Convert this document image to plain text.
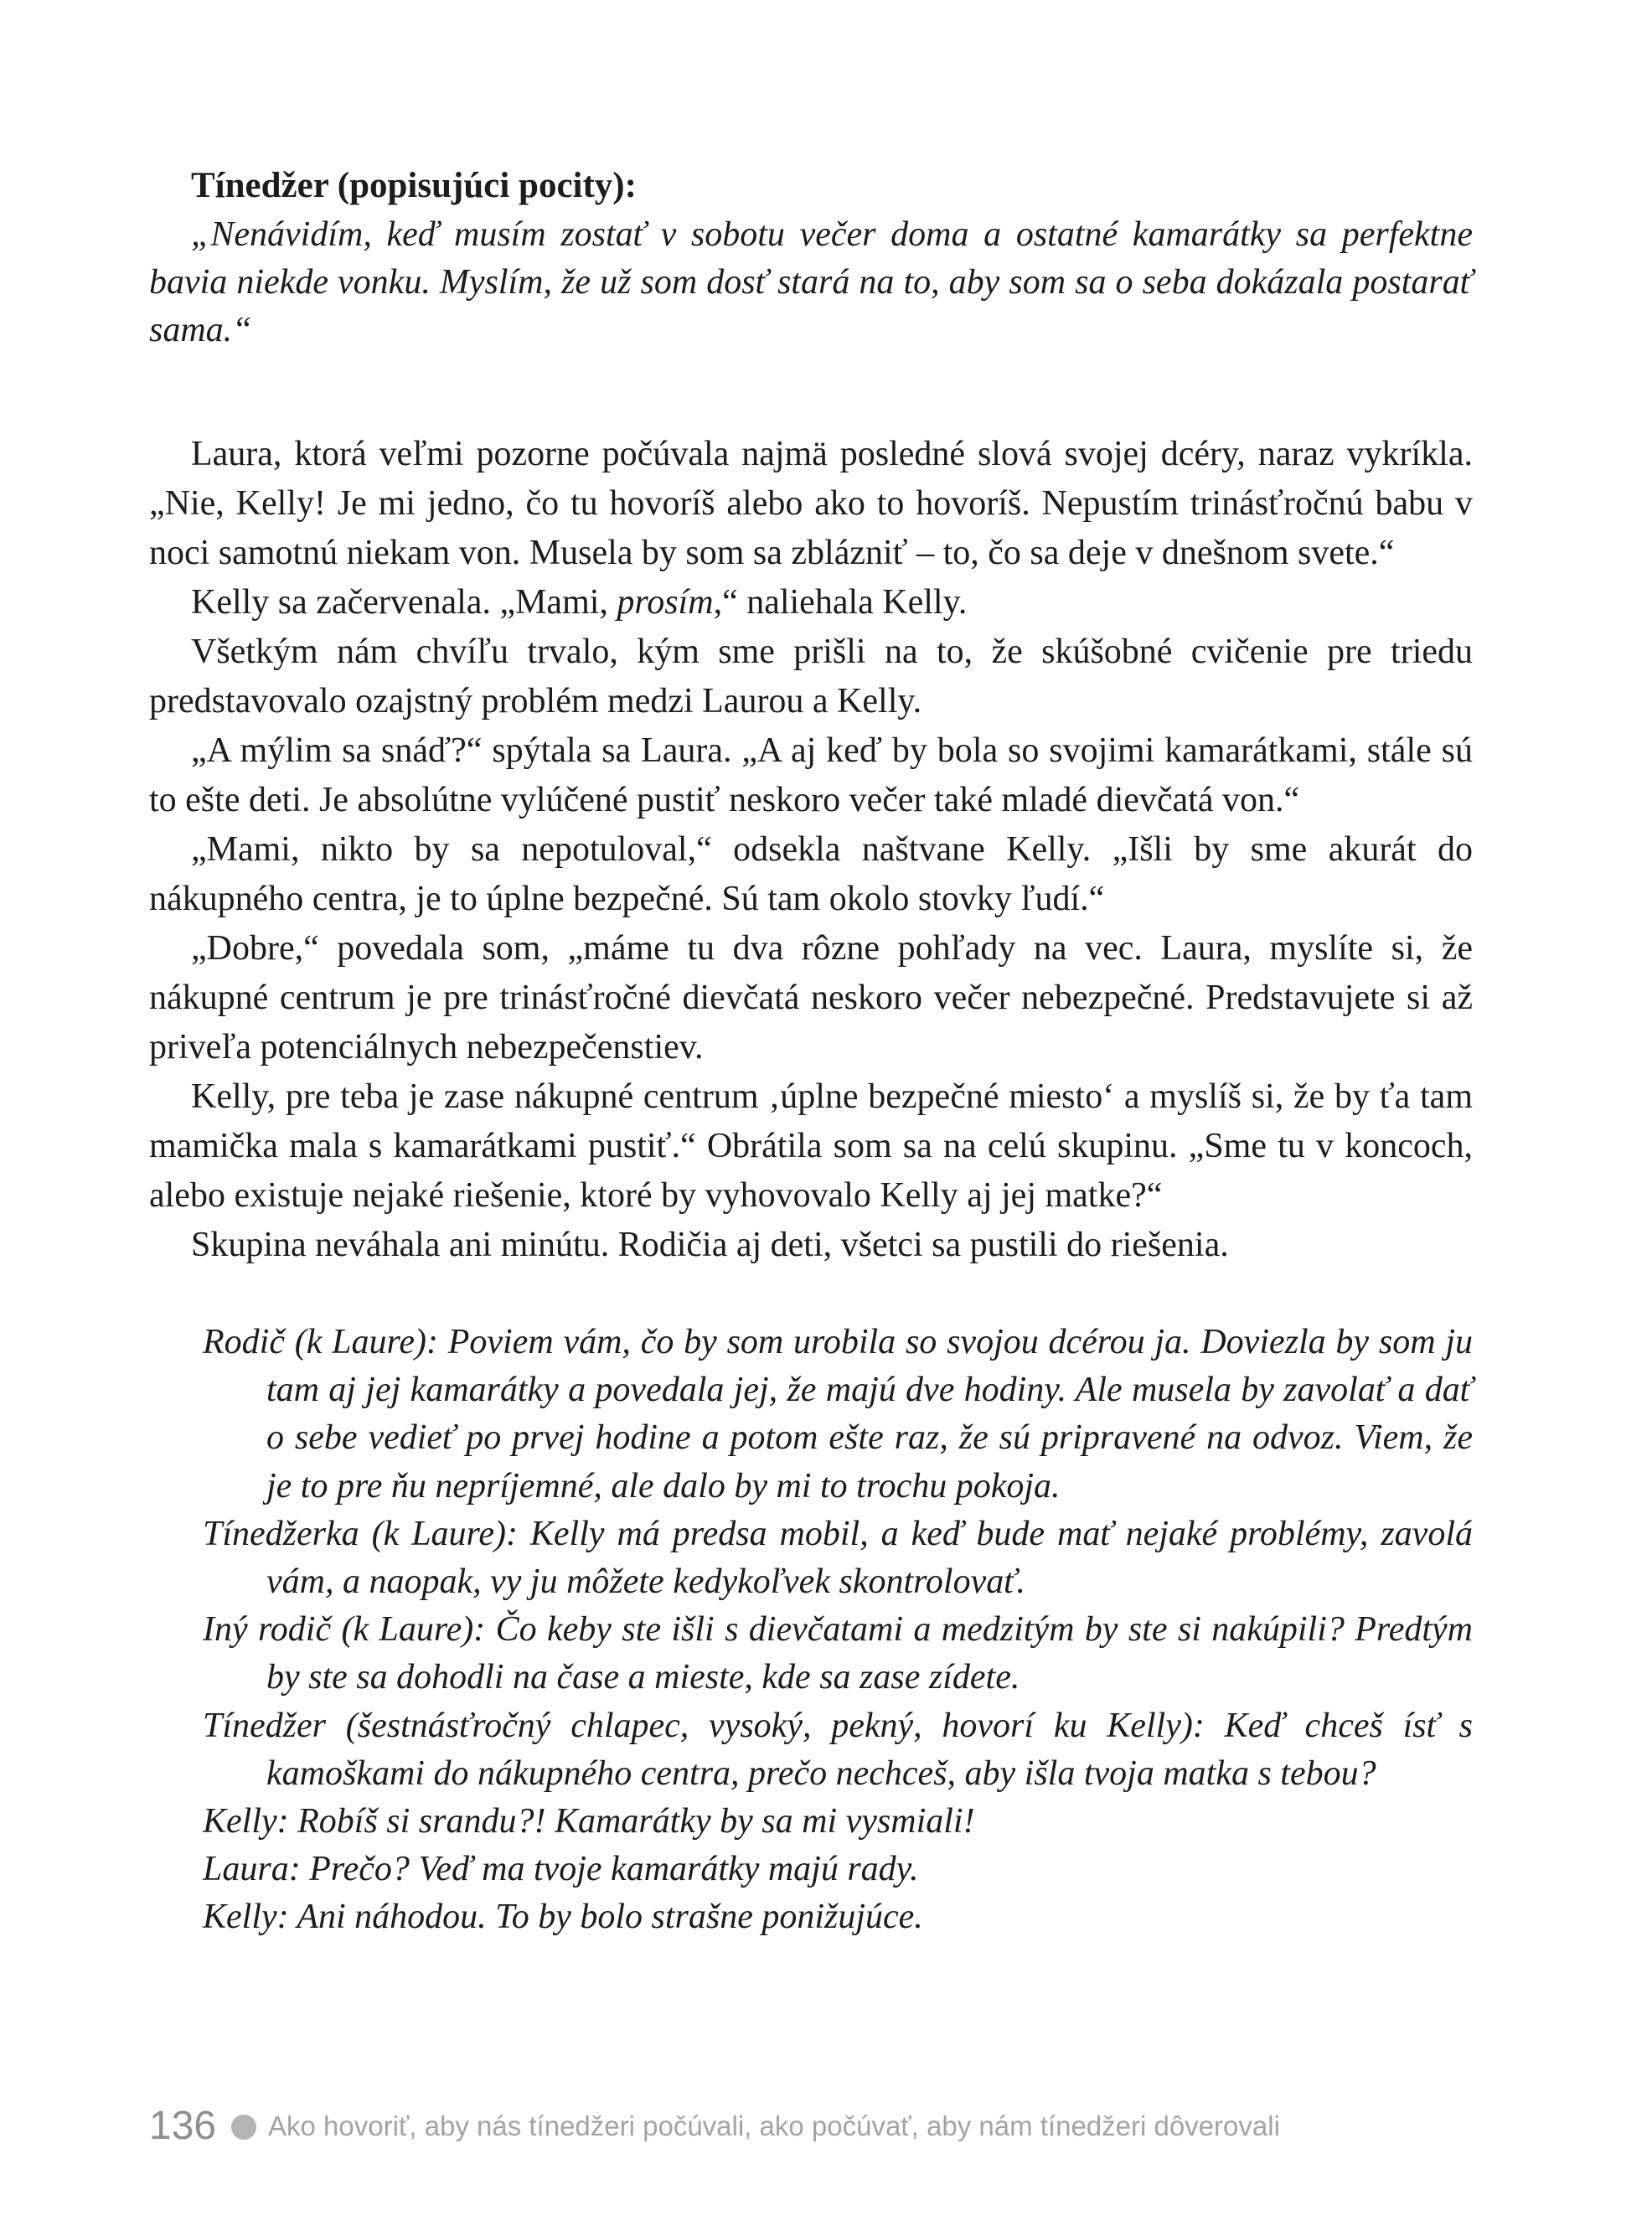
Tínedžer (popisujúci pocity):

„Nenávidím, keď musím zostať v sobotu večer doma a ostatné kamarátky sa perfektne bavia niekde vonku. Myslím, že už som dosť stará na to, aby som sa o seba dokázala postarať sama.“

Laura, ktorá veľmi pozorne počúvala najmä posledné slová svojej dcéry, naraz vykríkla. „Nie, Kelly! Je mi jedno, čo tu hovoríš alebo ako to hovoríš. Nepustím trinásťročnú babu v noci samotnú niekam von. Musela by som sa zblázniť – to, čo sa deje v dnešnom svete.“

Kelly sa začervenala. „Mami, prosím,“ naliehala Kelly.

Všetkým nám chvíľu trvalo, kým sme prišli na to, že skúšobné cvičenie pre triedu predstavovalo ozajstný problém medzi Laurou a Kelly.

„A mýlim sa snáď?“ spýtala sa Laura. „A aj keď by bola so svojimi kamarátkami, stále sú to ešte deti. Je absolútne vylúčené pustiť neskoro večer také mladé dievčatá von.“

„Mami, nikto by sa nepotuloval,“ odsekla naštvane Kelly. „Išli by sme akurát do nákupného centra, je to úplne bezpečné. Sú tam okolo stovky ľudí.“

„Dobre,“ povedala som, „máme tu dva rôzne pohľady na vec. Laura, myslíte si, že nákupné centrum je pre trinásťročné dievčatá neskoro večer nebezpečné. Predstavujete si až priveľa potenciálnych nebezpečenstiev.

Kelly, pre teba je zase nákupné centrum ‚úplne bezpečné miesto‘ a myslíš si, že by ťa tam mamička mala s kamarátkami pustiť.“ Obrátila som sa na celú skupinu. „Sme tu v koncoch, alebo existuje nejaké riešenie, ktoré by vyhovovalo Kelly aj jej matke?“

Skupina neváhala ani minútu. Rodičia aj deti, všetci sa pustili do riešenia.

Rodič (k Laure): Poviem vám, čo by som urobila so svojou dcérou ja. Doviezla by som ju tam aj jej kamarátky a povedala jej, že majú dve hodiny. Ale musela by zavolať a dať o sebe vedieť po prvej hodine a potom ešte raz, že sú pripravené na odvoz. Viem, že je to pre ňu nepríjemné, ale dalo by mi to trochu pokoja.

Tínedžerka (k Laure): Kelly má predsa mobil, a keď bude mať nejaké problémy, zavolá vám, a naopak, vy ju môžete kedykoľvek skontrolovať.

Iný rodič (k Laure): Čo keby ste išli s dievčatami a medzitým by ste si nakúpili? Predtým by ste sa dohodli na čase a mieste, kde sa zase zídete.

Tínedžer (šestnásťročný chlapec, vysoký, pekný, hovorí ku Kelly): Keď chceš ísť s kamoškami do nákupného centra, prečo nechceš, aby išla tvoja matka s tebou?

Kelly: Robíš si srandu?! Kamarátky by sa mi vysmiali!

Laura: Prečo? Veď ma tvoje kamarátky majú rady.

Kelly: Ani náhodou. To by bolo strašne ponižujúce.

136 Ako hovoriť, aby nás tínedžeri počúvali, ako počúvať, aby nám tínedžeri dôverovali
